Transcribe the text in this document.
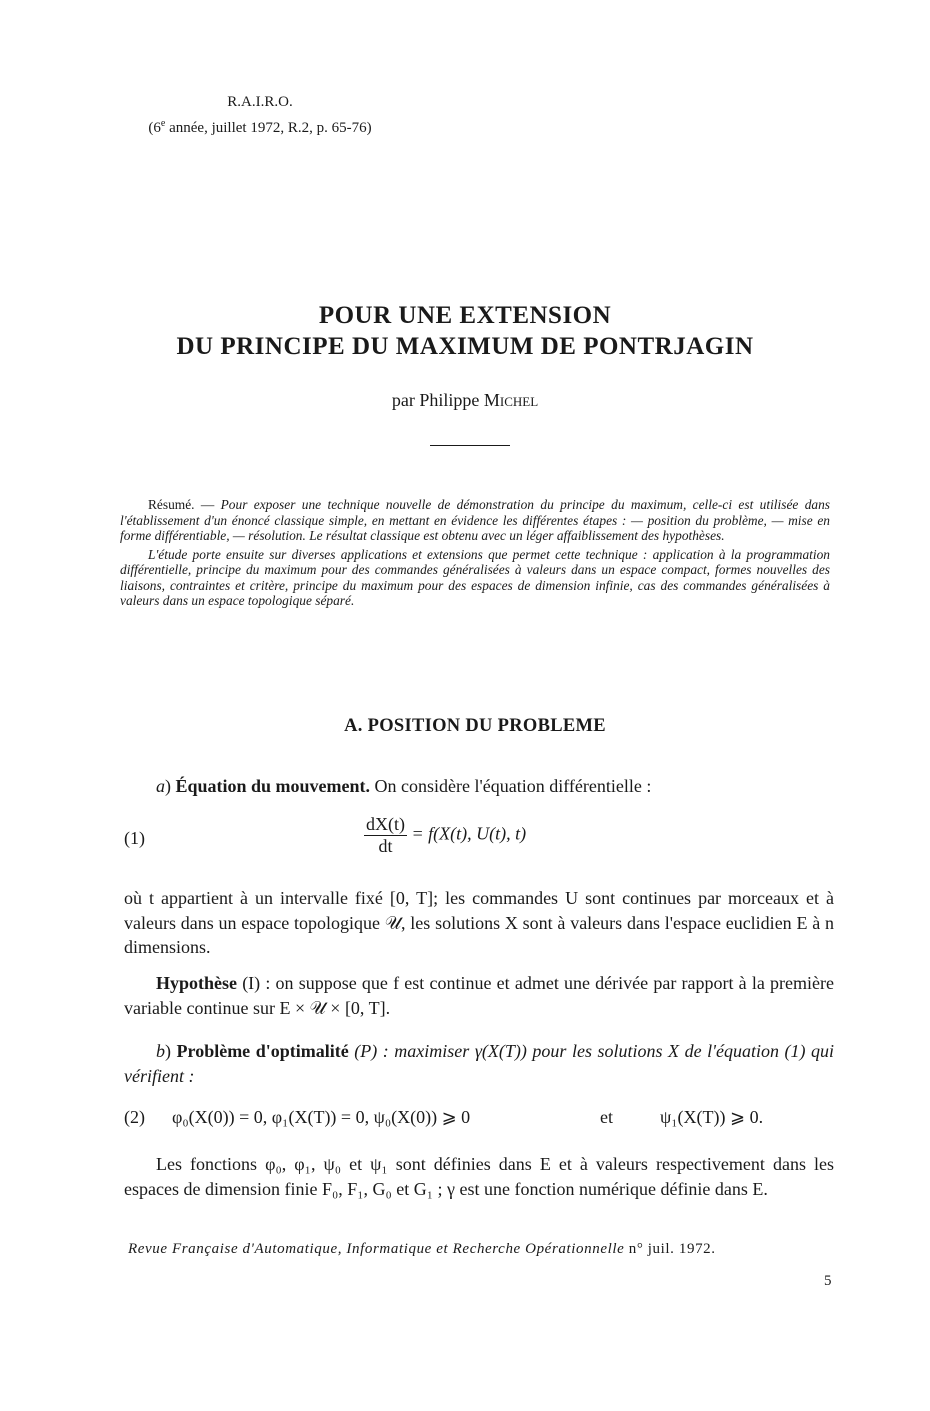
R.A.I.R.O.
(6e année, juillet 1972, R.2, p. 65-76)
POUR UNE EXTENSION
DU PRINCIPE DU MAXIMUM DE PONTRJAGIN
par Philippe Michel

Résumé. — Pour exposer une technique nouvelle de démonstration du principe du maximum, celle-ci est utilisée dans l'établissement d'un énoncé classique simple, en mettant en évidence les différentes étapes : — position du problème, — mise en forme différentiable, — résolution. Le résultat classique est obtenu avec un léger affaiblissement des hypothèses.

L'étude porte ensuite sur diverses applications et extensions que permet cette technique : application à la programmation différentielle, principe du maximum pour des commandes généralisées à valeurs dans un espace compact, formes nouvelles des liaisons, contraintes et critère, principe du maximum pour des espaces de dimension infinie, cas des commandes généralisées à valeurs dans un espace topologique séparé.

A. POSITION DU PROBLEME

a) Équation du mouvement. On considère l'équation différentielle :

(1)	$\frac{dX(t)}{dt} = f(X(t)$, U(t), t)

où t appartient à un intervalle fixé [0, T]; les commandes U sont continues par morceaux et à valeurs dans un espace topologique 𝒰, les solutions X sont à valeurs dans l'espace euclidien E à n dimensions.

Hypothèse (I) : on suppose que f est continue et admet une dérivée par rapport à la première variable continue sur E × 𝒰 × [0, T].

b) Problème d'optimalité (P) : maximiser γ(X(T)) pour les solutions X de l'équation (1) qui vérifient :

(2) φ₀(X(0)) = 0, φ₁(X(T)) = 0, ψ₀(X(0)) ⩾ 0	et	ψ₁(X(T)) ⩾ 0.

Les fonctions φ₀, φ₁, ψ₀ et ψ₁ sont définies dans E et à valeurs respectivement dans les espaces de dimension finie F₀, F₁, G₀ et G₁ ; γ est une fonction numérique définie dans E.

Revue Française d'Automatique, Informatique et Recherche Opérationnelle n° juil. 1972.
5
